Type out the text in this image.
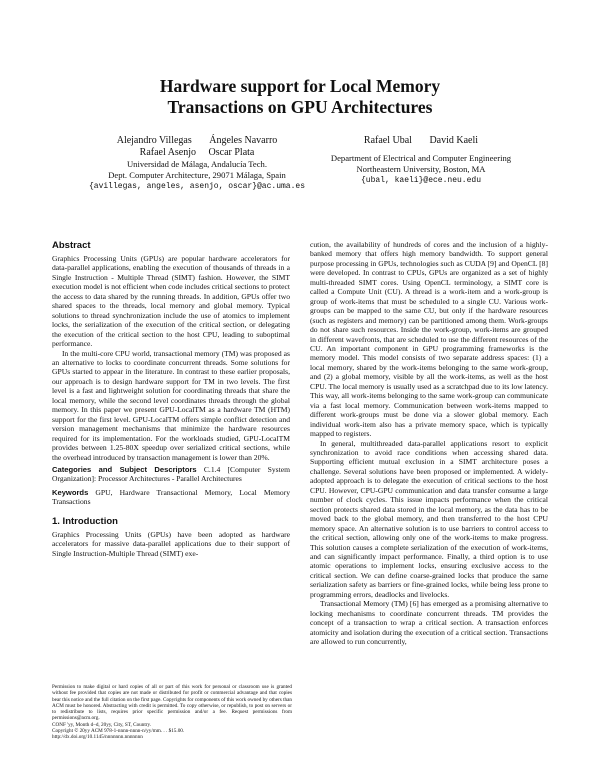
Hardware support for Local Memory
Transactions on GPU Architectures
Alejandro Villegas       Ángeles Navarro
Rafael Asenjo     Oscar Plata
Universidad de Málaga, Andalucía Tech.
Dept. Computer Architecture, 29071 Málaga, Spain
{avillegas, angeles, asenjo, oscar}@ac.uma.es
Rafael Ubal       David Kaeli
Department of Electrical and Computer Engineering
Northeastern University, Boston, MA
{ubal, kaeli}@ece.neu.edu
Abstract

Graphics Processing Units (GPUs) are popular hardware accelerators for data-parallel applications, enabling the execution of thousands of threads in a Single Instruction - Multiple Thread (SIMT) fashion. However, the SIMT execution model is not efficient when code includes critical sections to protect the access to data shared by the running threads. In addition, GPUs offer two shared spaces to the threads, local memory and global memory. Typical solutions to thread synchronization include the use of atomics to implement locks, the serialization of the execution of the critical section, or delegating the execution of the critical section to the host CPU, leading to suboptimal performance.

In the multi-core CPU world, transactional memory (TM) was proposed as an alternative to locks to coordinate concurrent threads. Some solutions for GPUs started to appear in the literature. In contrast to these earlier proposals, our approach is to design hardware support for TM in two levels. The first level is a fast and lightweight solution for coordinating threads that share the local memory, while the second level coordinates threads through the global memory. In this paper we present GPU-LocalTM as a hardware TM (HTM) support for the first level. GPU-LocalTM offers simple conflict detection and version management mechanisms that minimize the hardware resources required for its implementation. For the workloads studied, GPU-LocalTM provides between 1.25-80X speedup over serialized critical sections, while the overhead introduced by transaction management is lower than 20%.

Categories and Subject Descriptors C.1.4 [Computer System Organization]: Processor Architectures - Parallel Architectures

Keywords GPU, Hardware Transactional Memory, Local Memory Transactions

1. Introduction

Graphics Processing Units (GPUs) have been adopted as hardware accelerators for massive data-parallel applications due to their support of Single Instruction-Multiple Thread (SIMT) exe-

Permission to make digital or hard copies of all or part of this work for personal or classroom use is granted without fee provided that copies are not made or distributed for profit or commercial advantage and that copies bear this notice and the full citation on the first page. Copyrights for components of this work owned by others than ACM must be honored. Abstracting with credit is permitted. To copy otherwise, or republish, to post on servers or to redistribute to lists, requires prior specific permission and/or a fee. Request permissions from permissions@acm.org.

CONF 'yy, Month d–d, 20yy, City, ST, Country.

Copyright © 20yy ACM 978-1-nnnn-nnnn-n/yy/mm. . . $15.00.

http://dx.doi.org/10.1145/nnnnnnn.nnnnnnn

cution, the availability of hundreds of cores and the inclusion of a highly-banked memory that offers high memory bandwidth. To support general purpose processing in GPUs, technologies such as CUDA [9] and OpenCL [8] were developed. In contrast to CPUs, GPUs are organized as a set of highly multi-threaded SIMT cores. Using OpenCL terminology, a SIMT core is called a Compute Unit (CU). A thread is a work-item and a work-group is group of work-items that must be scheduled to a single CU. Various work-groups can be mapped to the same CU, but only if the hardware resources (such as registers and memory) can be partitioned among them. Work-groups do not share such resources. Inside the work-group, work-items are grouped in different wavefronts, that are scheduled to use the different resources of the CU. An important component in GPU programming frameworks is the memory model. This model consists of two separate address spaces: (1) a local memory, shared by the work-items belonging to the same work-group, and (2) a global memory, visible by all the work-items, as well as the host CPU. The local memory is usually used as a scratchpad due to its low latency. This way, all work-items belonging to the same work-group can communicate via a fast local memory. Communication between work-items mapped to different work-groups must be done via a slower global memory. Each individual work-item also has a private memory space, which is typically mapped to registers.

In general, multithreaded data-parallel applications resort to explicit synchronization to avoid race conditions when accessing shared data. Supporting efficient mutual exclusion in a SIMT architecture poses a challenge. Several solutions have been proposed or implemented. A widely-adopted approach is to delegate the execution of critical sections to the host CPU. However, CPU-GPU communication and data transfer consume a large number of clock cycles. This issue impacts performance when the critical section protects shared data stored in the local memory, as the data has to be moved back to the global memory, and then transferred to the host CPU memory space. An alternative solution is to use barriers to control access to the critical section, allowing only one of the work-items to make progress. This solution causes a complete serialization of the execution of work-items, and can significantly impact performance. Finally, a third option is to use atomic operations to implement locks, ensuring exclusive access to the critical section. We can define coarse-grained locks that produce the same serialization safety as barriers or fine-grained locks, while being less prone to programming errors, deadlocks and livelocks.

Transactional Memory (TM) [6] has emerged as a promising alternative to locking mechanisms to coordinate concurrent threads. TM provides the concept of a transaction to wrap a critical section. A transaction enforces atomicity and isolation during the execution of a critical section. Transactions are allowed to run concurrently,
